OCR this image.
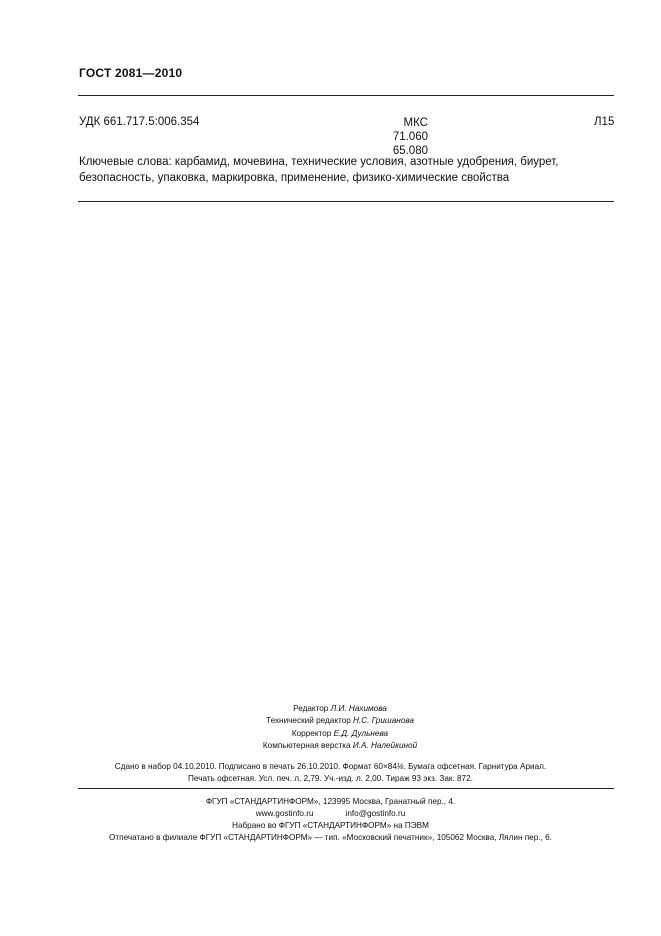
ГОСТ 2081—2010
УДК 661.717.5:006.354	МКС 71.060
65.080
Л15
Ключевые слова: карбамид, мочевина, технические условия, азотные удобрения, биурет, безопасность, упаковка, маркировка, применение, физико-химические свойства
Редактор Л.И. Нахимова
Технический редактор Н.С. Гришанова
Корректор Е.Д. Дульнева
Компьютерная верстка И.А. Налейкиной
Сдано в набор 04.10.2010. Подписано в печать 26.10.2010. Формат 60×84⅛. Бумага офсетная. Гарнитура Ариал.
Печать офсетная. Усл. печ. л. 2,79. Уч.-изд. л. 2,00. Тираж 93 экз. Зак. 872.
ФГУП «СТАНДАРТИНФОРМ», 123995 Москва, Гранатный пер., 4.
www.gostinfo.ru	info@gostinfo.ru
Набрано во ФГУП «СТАНДАРТИНФОРМ» на ПЭВМ
Отпечатано в филиале ФГУП «СТАНДАРТИНФОРМ» — тип. «Московский печатник», 105062 Москва, Лялин пер., 6.
